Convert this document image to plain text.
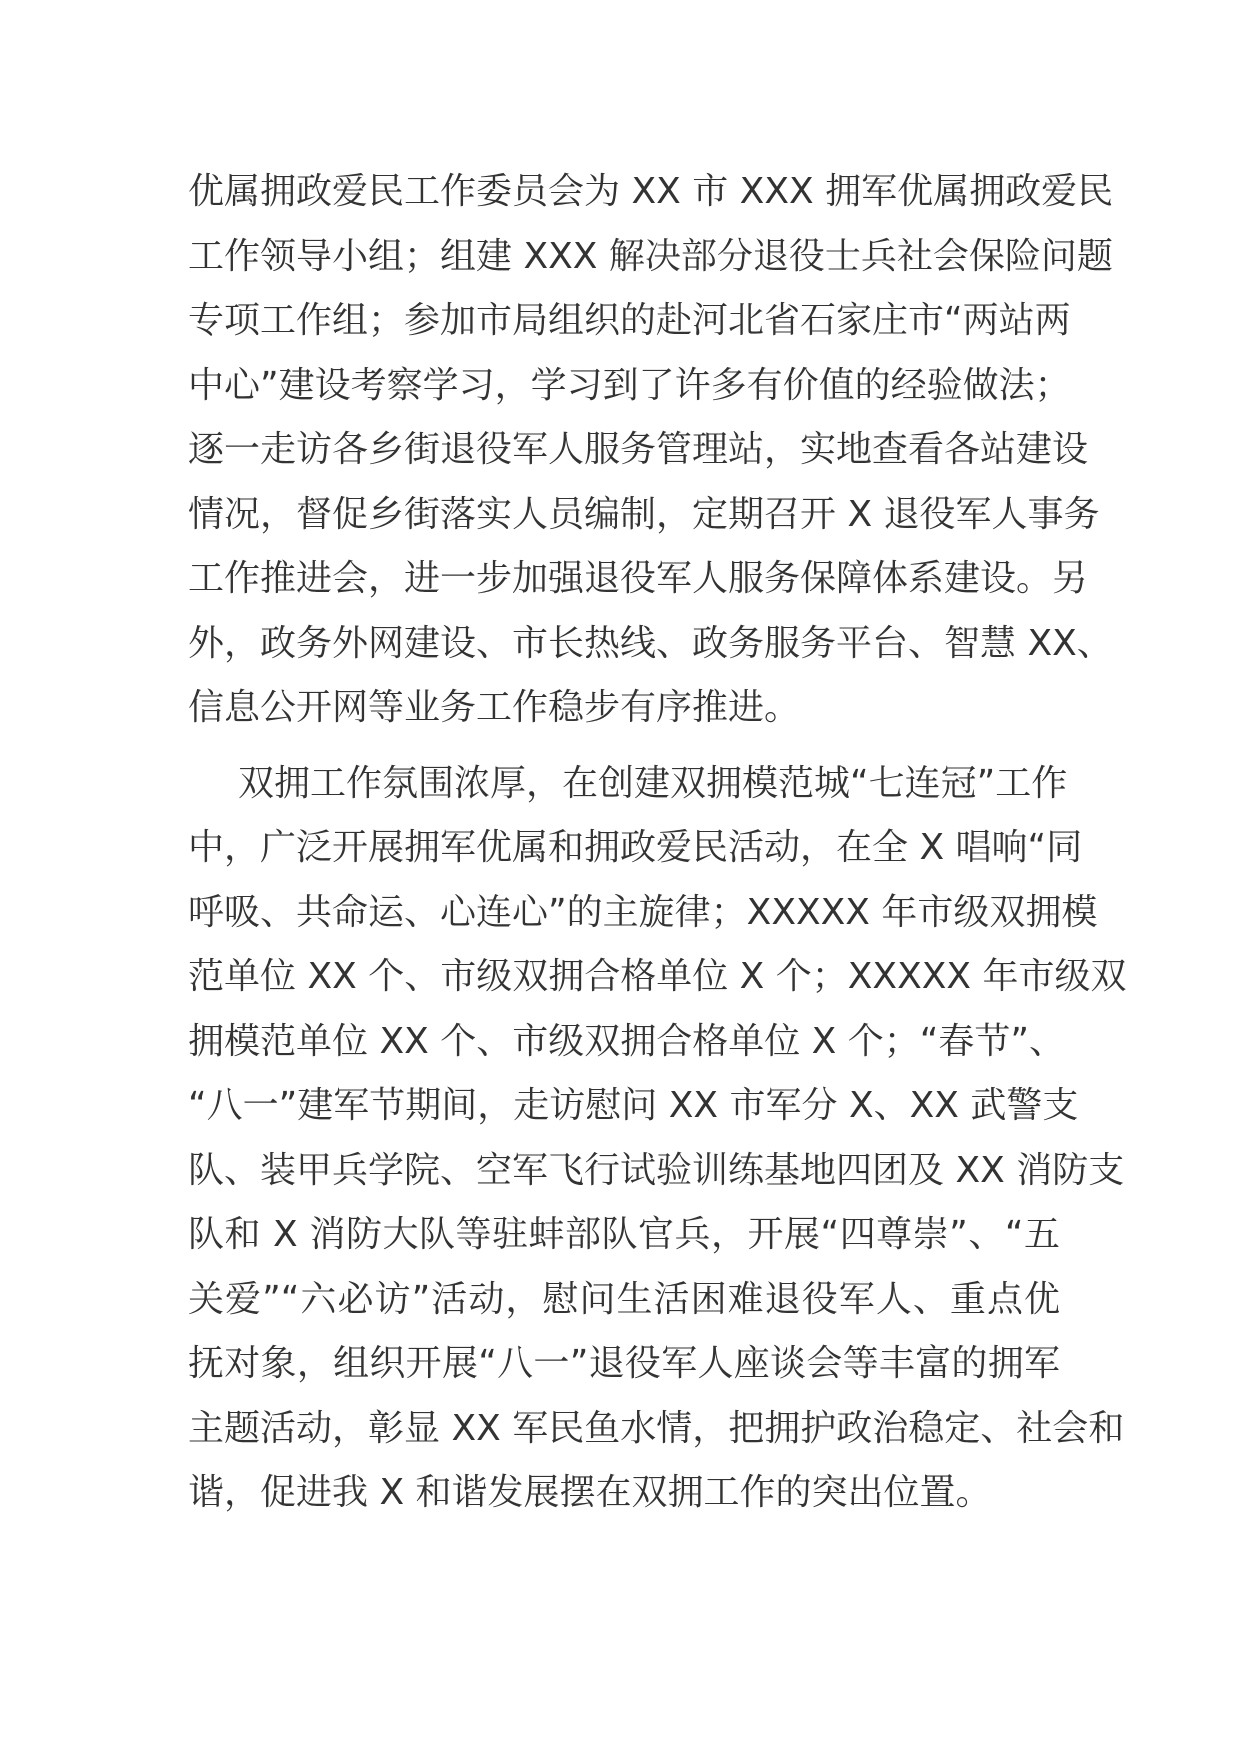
优属拥政爱民工作委员会为 XX 市 XXX 拥军优属拥政爱民
工作领导小组；组建 XXX 解决部分退役士兵社会保险问题
专项工作组；参加市局组织的赴河北省石家庄市“两站两
中心”建设考察学习，学习到了许多有价值的经验做法；
逐一走访各乡街退役军人服务管理站，实地查看各站建设
情况，督促乡街落实人员编制，定期召开 X 退役军人事务
工作推进会，进一步加强退役军人服务保障体系建设。另
外，政务外网建设、市长热线、政务服务平台、智慧 XX、
信息公开网等业务工作稳步有序推进。
双拥工作氛围浓厚，在创建双拥模范城“七连冠”工作
中，广泛开展拥军优属和拥政爱民活动，在全 X 唱响“同
呼吸、共命运、心连心”的主旋律；XXXXX 年市级双拥模
范单位 XX 个、市级双拥合格单位 X 个；XXXXX 年市级双
拥模范单位 XX 个、市级双拥合格单位 X 个；“春节”、
“八一”建军节期间，走访慰问 XX 市军分 X、XX 武警支
队、装甲兵学院、空军飞行试验训练基地四团及 XX 消防支
队和 X 消防大队等驻蚌部队官兵，开展“四尊崇”、“五
关爱”“六必访”活动，慰问生活困难退役军人、重点优
抚对象，组织开展“八一”退役军人座谈会等丰富的拥军
主题活动，彰显 XX 军民鱼水情，把拥护政治稳定、社会和
谐，促进我 X 和谐发展摆在双拥工作的突出位置。
